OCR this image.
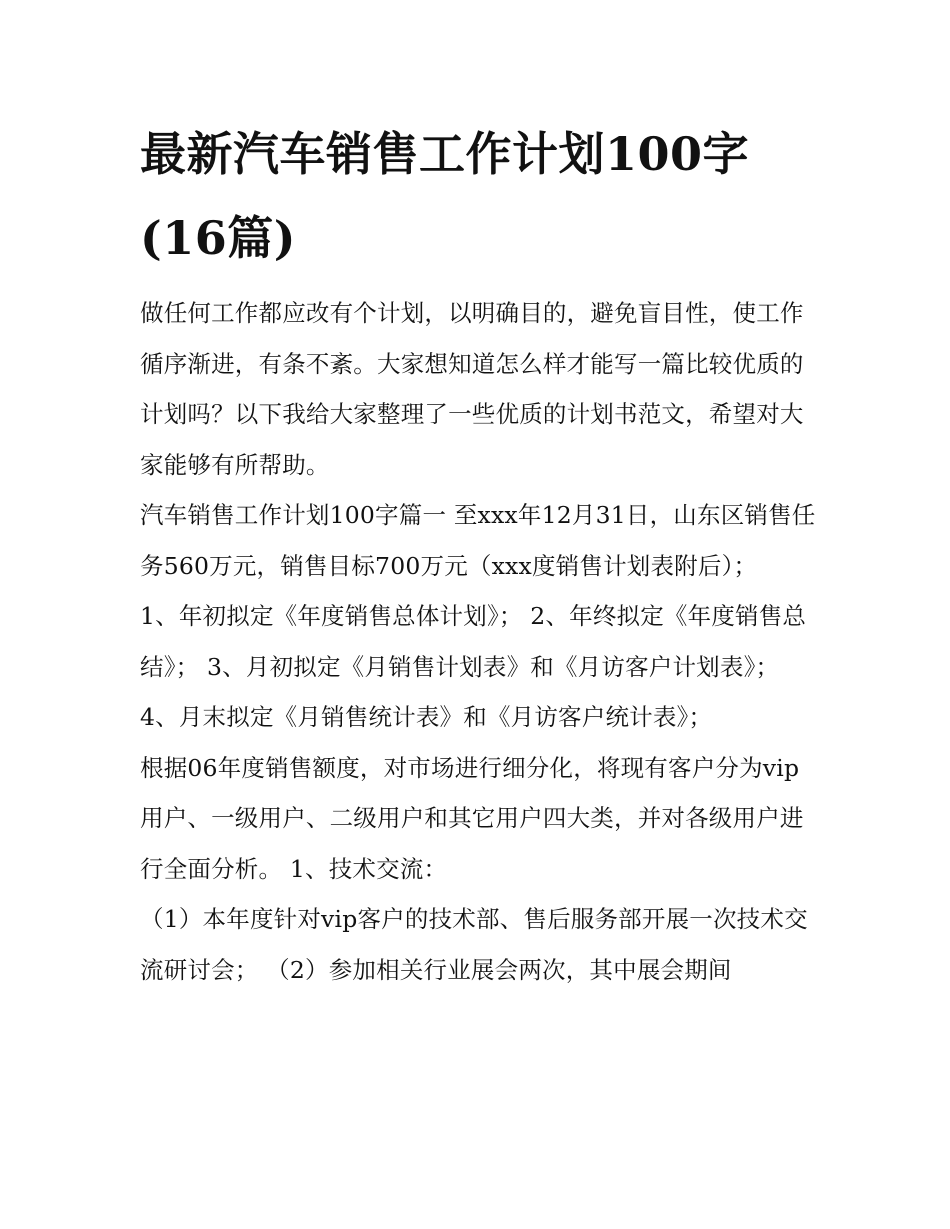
最新汽车销售工作计划100字(16篇)

做任何工作都应改有个计划，以明确目的，避免盲目性，使工作循序渐进，有条不紊。大家想知道怎么样才能写一篇比较优质的计划吗？以下我给大家整理了一些优质的计划书范文，希望对大家能够有所帮助。

汽车销售工作计划100字篇一 至xxx年12月31日，山东区销售任务560万元，销售目标700万元（xxx度销售计划表附后）；

1、年初拟定《年度销售总体计划》； 2、年终拟定《年度销售总结》； 3、月初拟定《月销售计划表》和《月访客户计划表》；

4、月末拟定《月销售统计表》和《月访客户统计表》；

根据06年度销售额度，对市场进行细分化，将现有客户分为vip用户、一级用户、二级用户和其它用户四大类，并对各级用户进行全面分析。 1、技术交流：

（1）本年度针对vip客户的技术部、售后服务部开展一次技术交流研讨会； （2）参加相关行业展会两次，其中展会期间
